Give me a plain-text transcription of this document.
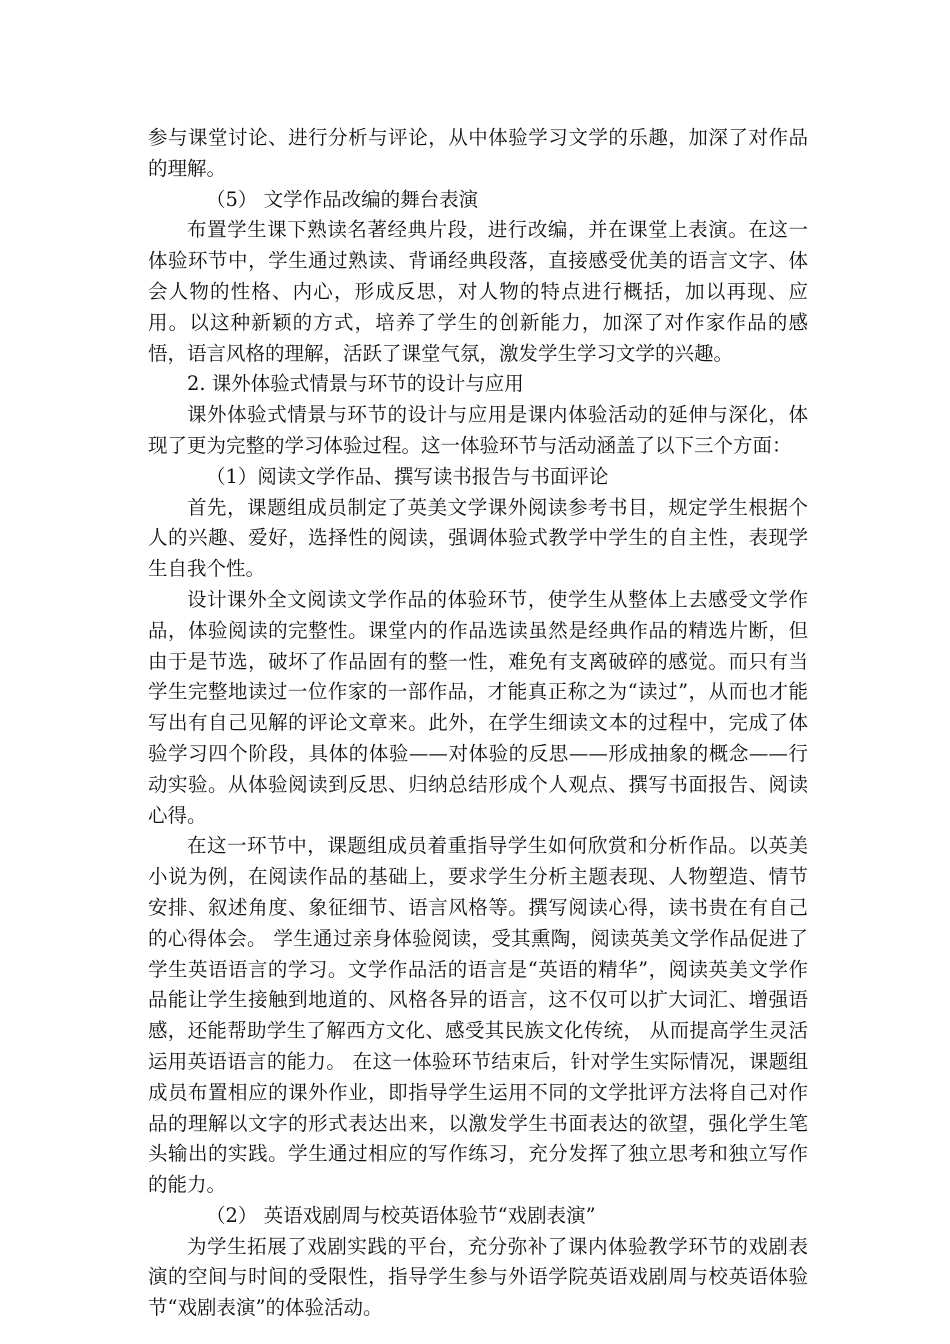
参与课堂讨论、进行分析与评论，从中体验学习文学的乐趣，加深了对作品的理解。

（5） 文学作品改编的舞台表演

布置学生课下熟读名著经典片段，进行改编，并在课堂上表演。在这一体验环节中，学生通过熟读、背诵经典段落，直接感受优美的语言文字、体会人物的性格、内心，形成反思，对人物的特点进行概括，加以再现、应用。以这种新颖的方式，培养了学生的创新能力，加深了对作家作品的感悟，语言风格的理解，活跃了课堂气氛，激发学生学习文学的兴趣。

2. 课外体验式情景与环节的设计与应用

课外体验式情景与环节的设计与应用是课内体验活动的延伸与深化，体现了更为完整的学习体验过程。这一体验环节与活动涵盖了以下三个方面：

（1）阅读文学作品、撰写读书报告与书面评论

首先，课题组成员制定了英美文学课外阅读参考书目，规定学生根据个人的兴趣、爱好，选择性的阅读，强调体验式教学中学生的自主性，表现学生自我个性。

设计课外全文阅读文学作品的体验环节，使学生从整体上去感受文学作品，体验阅读的完整性。课堂内的作品选读虽然是经典作品的精选片断，但由于是节选，破坏了作品固有的整一性，难免有支离破碎的感觉。而只有当学生完整地读过一位作家的一部作品，才能真正称之为“读过”，从而也才能写出有自己见解的评论文章来。此外，在学生细读文本的过程中，完成了体验学习四个阶段，具体的体验——对体验的反思——形成抽象的概念——行动实验。从体验阅读到反思、归纳总结形成个人观点、撰写书面报告、阅读心得。

在这一环节中，课题组成员着重指导学生如何欣赏和分析作品。以英美小说为例，在阅读作品的基础上，要求学生分析主题表现、人物塑造、情节安排、叙述角度、象征细节、语言风格等。撰写阅读心得，读书贵在有自己的心得体会。 学生通过亲身体验阅读，受其熏陶，阅读英美文学作品促进了学生英语语言的学习。文学作品活的语言是“英语的精华”，阅读英美文学作品能让学生接触到地道的、风格各异的语言，这不仅可以扩大词汇、增强语感，还能帮助学生了解西方文化、感受其民族文化传统， 从而提高学生灵活运用英语语言的能力。 在这一体验环节结束后，针对学生实际情况，课题组成员布置相应的课外作业，即指导学生运用不同的文学批评方法将自己对作品的理解以文字的形式表达出来，以激发学生书面表达的欲望，强化学生笔头输出的实践。学生通过相应的写作练习，充分发挥了独立思考和独立写作的能力。

（2） 英语戏剧周与校英语体验节“戏剧表演”

为学生拓展了戏剧实践的平台，充分弥补了课内体验教学环节的戏剧表演的空间与时间的受限性，指导学生参与外语学院英语戏剧周与校英语体验节“戏剧表演”的体验活动。
